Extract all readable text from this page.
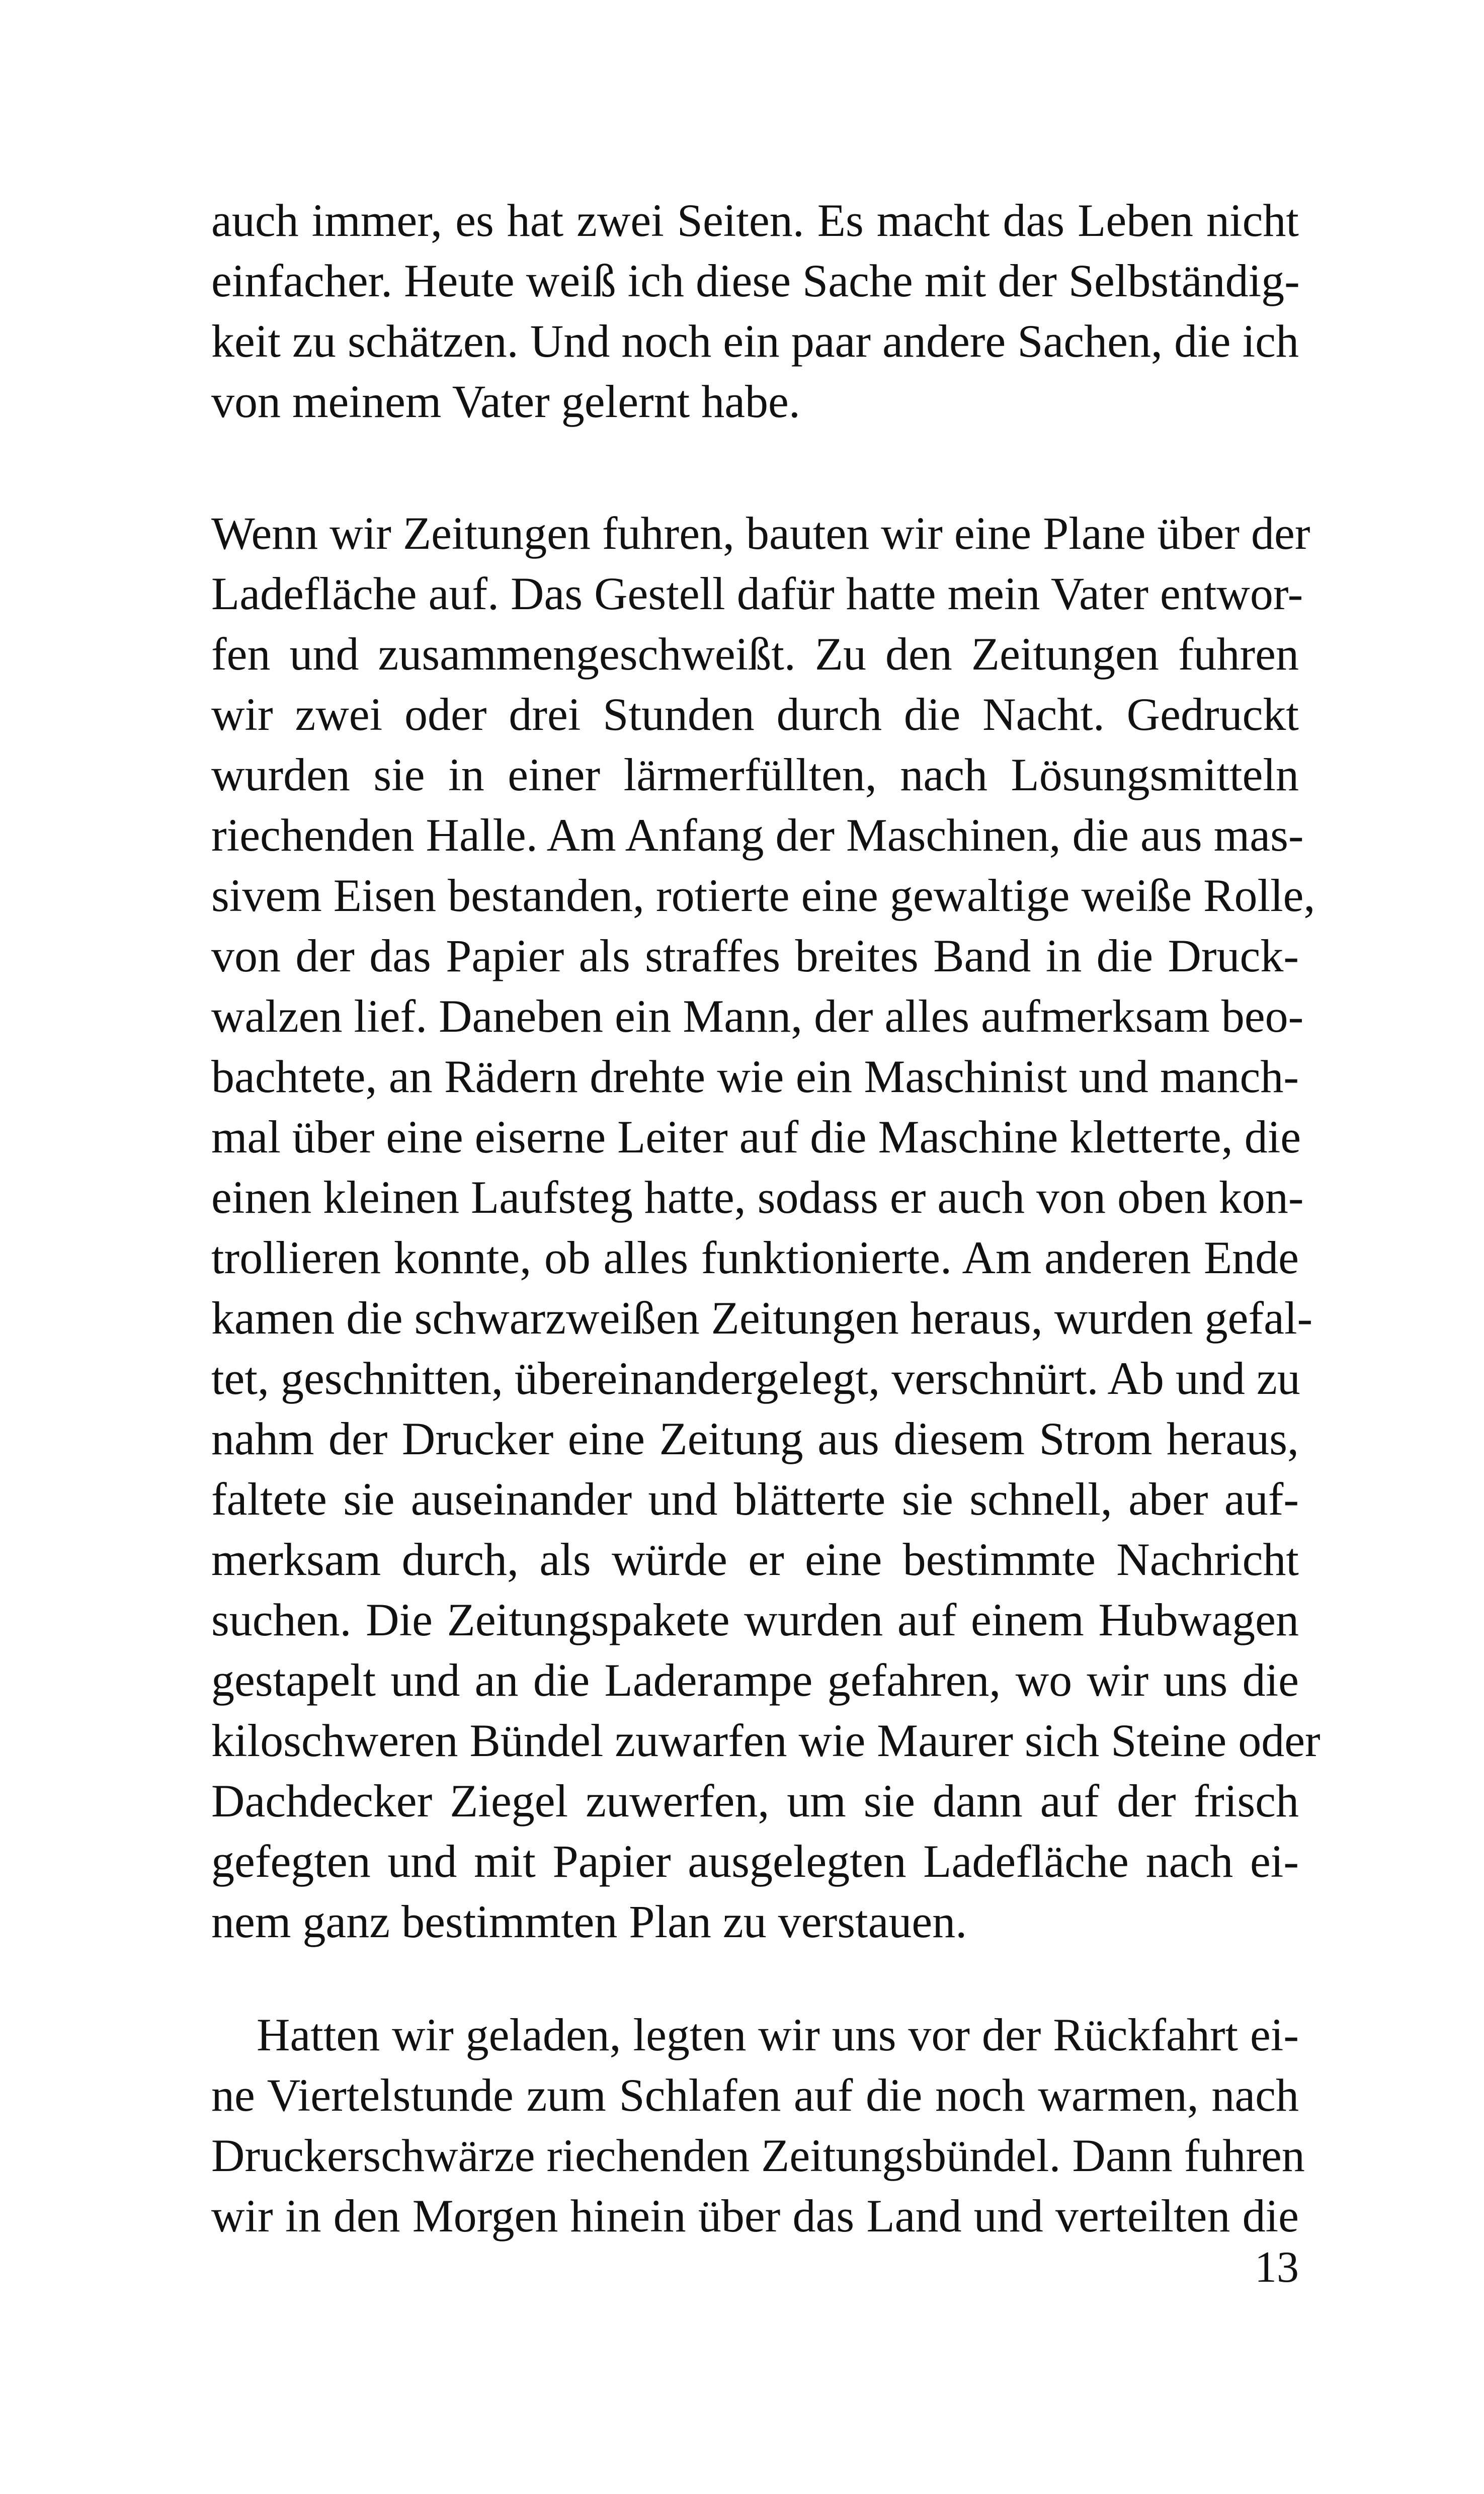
auch immer, es hat zwei Seiten. Es macht das Leben nicht
einfacher. Heute weiß ich diese Sache mit der Selbständig-
keit zu schätzen. Und noch ein paar andere Sachen, die ich
von meinem Vater gelernt habe.
Wenn wir Zeitungen fuhren, bauten wir eine Plane über der
Ladefläche auf. Das Gestell dafür hatte mein Vater entwor-
fen und zusammengeschweißt. Zu den Zeitungen fuhren
wir zwei oder drei Stunden durch die Nacht. Gedruckt
wurden sie in einer lärmerfüllten, nach Lösungsmitteln
riechenden Halle. Am Anfang der Maschinen, die aus mas-
sivem Eisen bestanden, rotierte eine gewaltige weiße Rolle,
von der das Papier als straffes breites Band in die Druck-
walzen lief. Daneben ein Mann, der alles aufmerksam beo-
bachtete, an Rädern drehte wie ein Maschinist und manch-
mal über eine eiserne Leiter auf die Maschine kletterte, die
einen kleinen Laufsteg hatte, sodass er auch von oben kon-
trollieren konnte, ob alles funktionierte. Am anderen Ende
kamen die schwarzweißen Zeitungen heraus, wurden gefal-
tet, geschnitten, übereinandergelegt, verschnürt. Ab und zu
nahm der Drucker eine Zeitung aus diesem Strom heraus,
faltete sie auseinander und blätterte sie schnell, aber auf-
merksam durch, als würde er eine bestimmte Nachricht
suchen. Die Zeitungspakete wurden auf einem Hubwagen
gestapelt und an die Laderampe gefahren, wo wir uns die
kiloschweren Bündel zuwarfen wie Maurer sich Steine oder
Dachdecker Ziegel zuwerfen, um sie dann auf der frisch
gefegten und mit Papier ausgelegten Ladefläche nach ei-
nem ganz bestimmten Plan zu verstauen.
Hatten wir geladen, legten wir uns vor der Rückfahrt ei-
ne Viertelstunde zum Schlafen auf die noch warmen, nach
Druckerschwärze riechenden Zeitungsbündel. Dann fuhren
wir in den Morgen hinein über das Land und verteilten die
13
